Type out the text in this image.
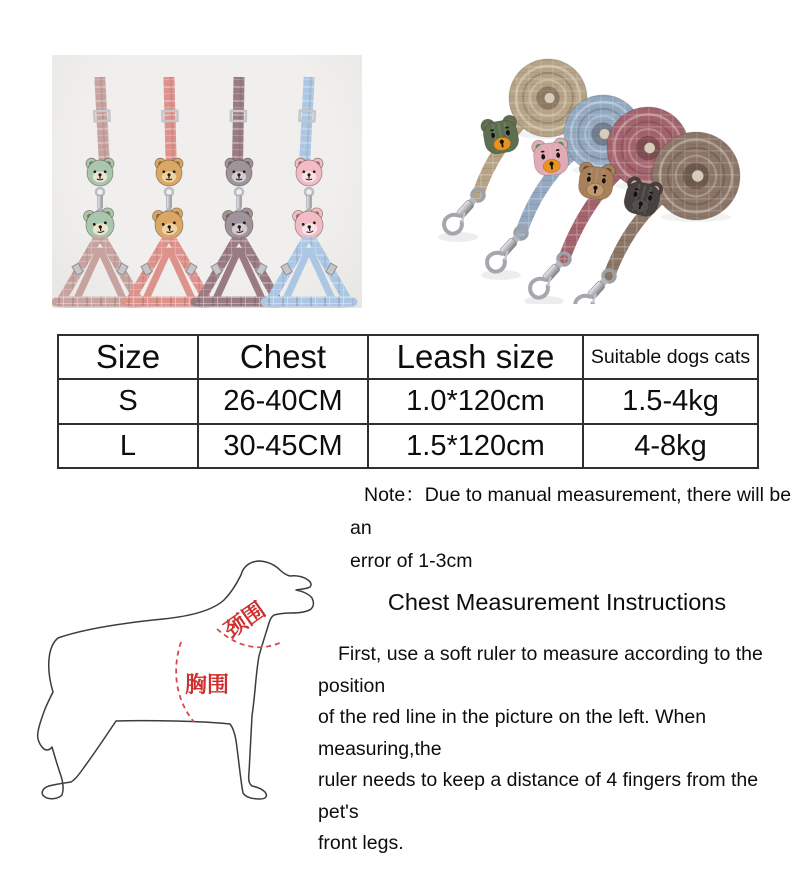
Size	Chest	Leash size	Suitable dogs cats
S	26-40CM	1.0*120cm	1.5-4kg
L	30-45CM	1.5*120cm	4-8kg
Note：Due to manual measurement, there will be an
error of 1-3cm
Chest Measurement Instructions
First, use a soft ruler to measure according to the position
of the red line in the picture on the left. When measuring,the
ruler needs to keep a distance of 4 fingers from the pet's
front legs.
颈围
胸围
